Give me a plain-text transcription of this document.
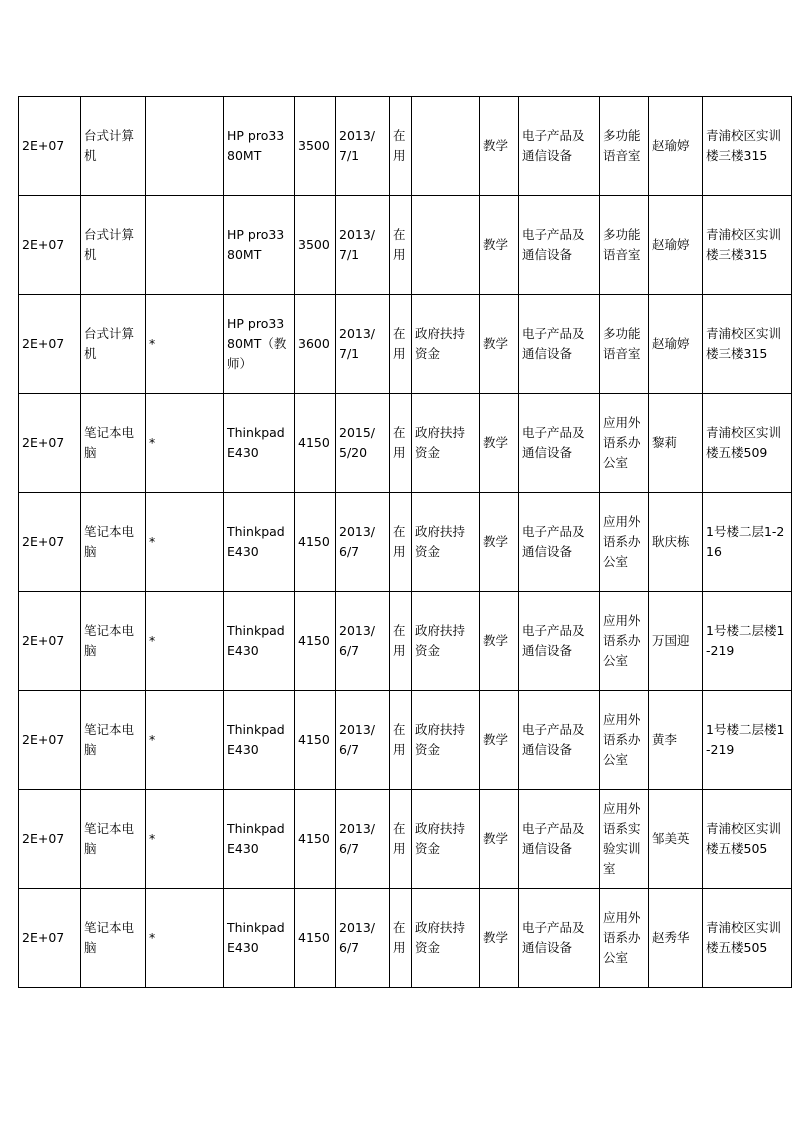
2E+07	台式计算机		HP pro3380MT	3500	2013/7/1	在用		教学	电子产品及通信设备	多功能语音室	赵瑜婷	青浦校区实训楼三楼315
2E+07	台式计算机		HP pro3380MT	3500	2013/7/1	在用		教学	电子产品及通信设备	多功能语音室	赵瑜婷	青浦校区实训楼三楼315
2E+07	台式计算机	*	HP pro3380MT（教师）	3600	2013/7/1	在用	政府扶持资金	教学	电子产品及通信设备	多功能语音室	赵瑜婷	青浦校区实训楼三楼315
2E+07	笔记本电脑	*	Thinkpad E430	4150	2015/5/20	在用	政府扶持资金	教学	电子产品及通信设备	应用外语系办公室	黎莉	青浦校区实训楼五楼509
2E+07	笔记本电脑	*	Thinkpad E430	4150	2013/6/7	在用	政府扶持资金	教学	电子产品及通信设备	应用外语系办公室	耿庆栋	1号楼二层1-216
2E+07	笔记本电脑	*	Thinkpad E430	4150	2013/6/7	在用	政府扶持资金	教学	电子产品及通信设备	应用外语系办公室	万国迎	1号楼二层楼1-219
2E+07	笔记本电脑	*	Thinkpad E430	4150	2013/6/7	在用	政府扶持资金	教学	电子产品及通信设备	应用外语系办公室	黄李	1号楼二层楼1-219
2E+07	笔记本电脑	*	Thinkpad E430	4150	2013/6/7	在用	政府扶持资金	教学	电子产品及通信设备	应用外语系实验实训室	邹美英	青浦校区实训楼五楼505
2E+07	笔记本电脑	*	Thinkpad E430	4150	2013/6/7	在用	政府扶持资金	教学	电子产品及通信设备	应用外语系办公室	赵秀华	青浦校区实训楼五楼505
